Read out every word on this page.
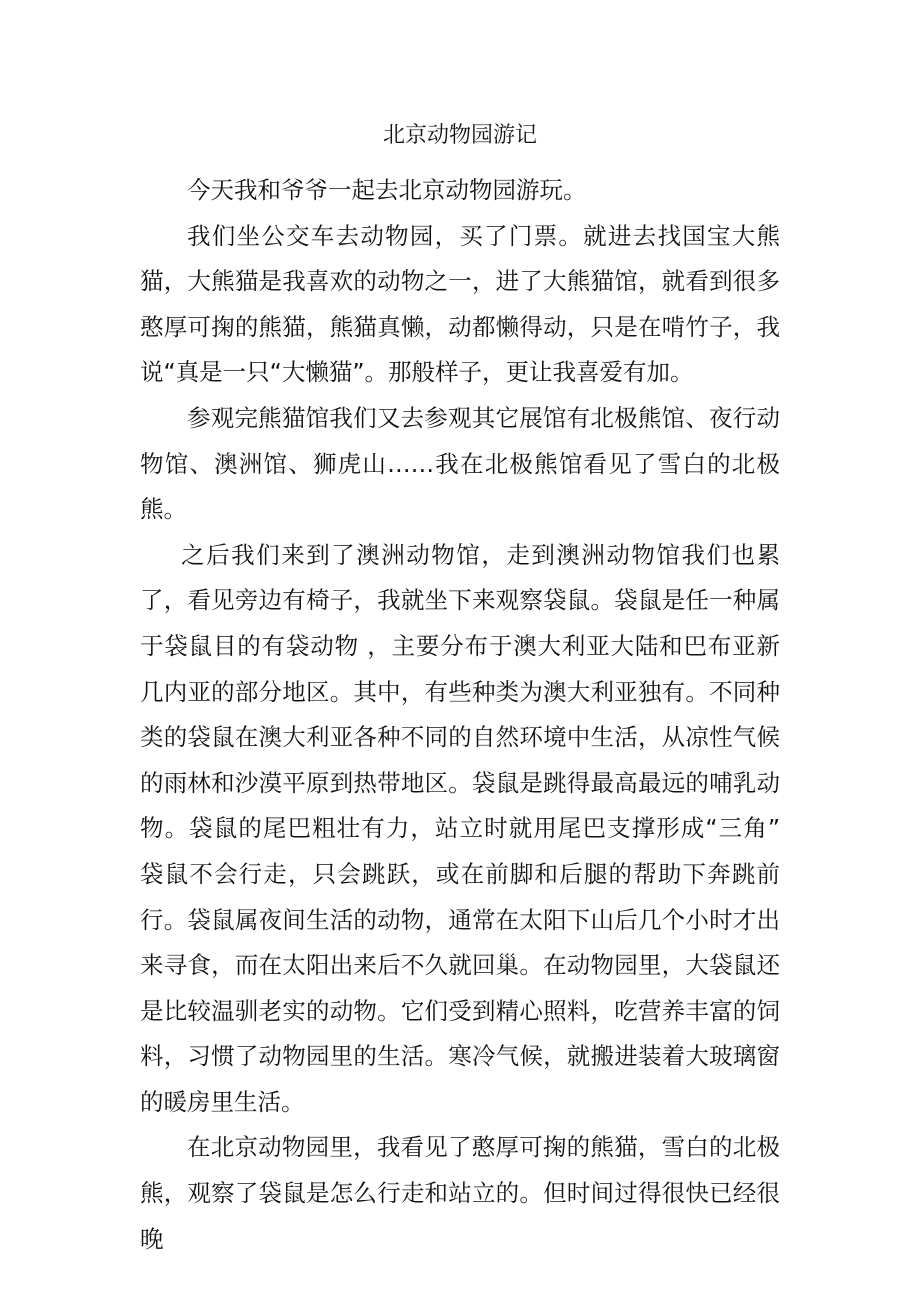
北京动物园游记

今天我和爷爷一起去北京动物园游玩。

我们坐公交车去动物园，买了门票。就进去找国宝大熊猫，大熊猫是我喜欢的动物之一，进了大熊猫馆，就看到很多憨厚可掬的熊猫，熊猫真懒，动都懒得动，只是在啃竹子，我说“真是一只“大懒猫”。那般样子，更让我喜爱有加。

参观完熊猫馆我们又去参观其它展馆有北极熊馆、夜行动物馆、澳洲馆、狮虎山……我在北极熊馆看见了雪白的北极熊。

之后我们来到了澳洲动物馆，走到澳洲动物馆我们也累了，看见旁边有椅子，我就坐下来观察袋鼠。袋鼠是任一种属于袋鼠目的有袋动物 ，主要分布于澳大利亚大陆和巴布亚新几内亚的部分地区。其中，有些种类为澳大利亚独有。不同种类的袋鼠在澳大利亚各种不同的自然环境中生活，从凉性气候的雨林和沙漠平原到热带地区。袋鼠是跳得最高最远的哺乳动物。袋鼠的尾巴粗壮有力，站立时就用尾巴支撑形成“三角” 袋鼠不会行走，只会跳跃，或在前脚和后腿的帮助下奔跳前行。袋鼠属夜间生活的动物，通常在太阳下山后几个小时才出来寻食，而在太阳出来后不久就回巢。在动物园里，大袋鼠还是比较温驯老实的动物。它们受到精心照料，吃营养丰富的饲料，习惯了动物园里的生活。寒冷气候，就搬进装着大玻璃窗的暖房里生活。

在北京动物园里，我看见了憨厚可掬的熊猫，雪白的北极熊，观察了袋鼠是怎么行走和站立的。但时间过得很快已经很晚
